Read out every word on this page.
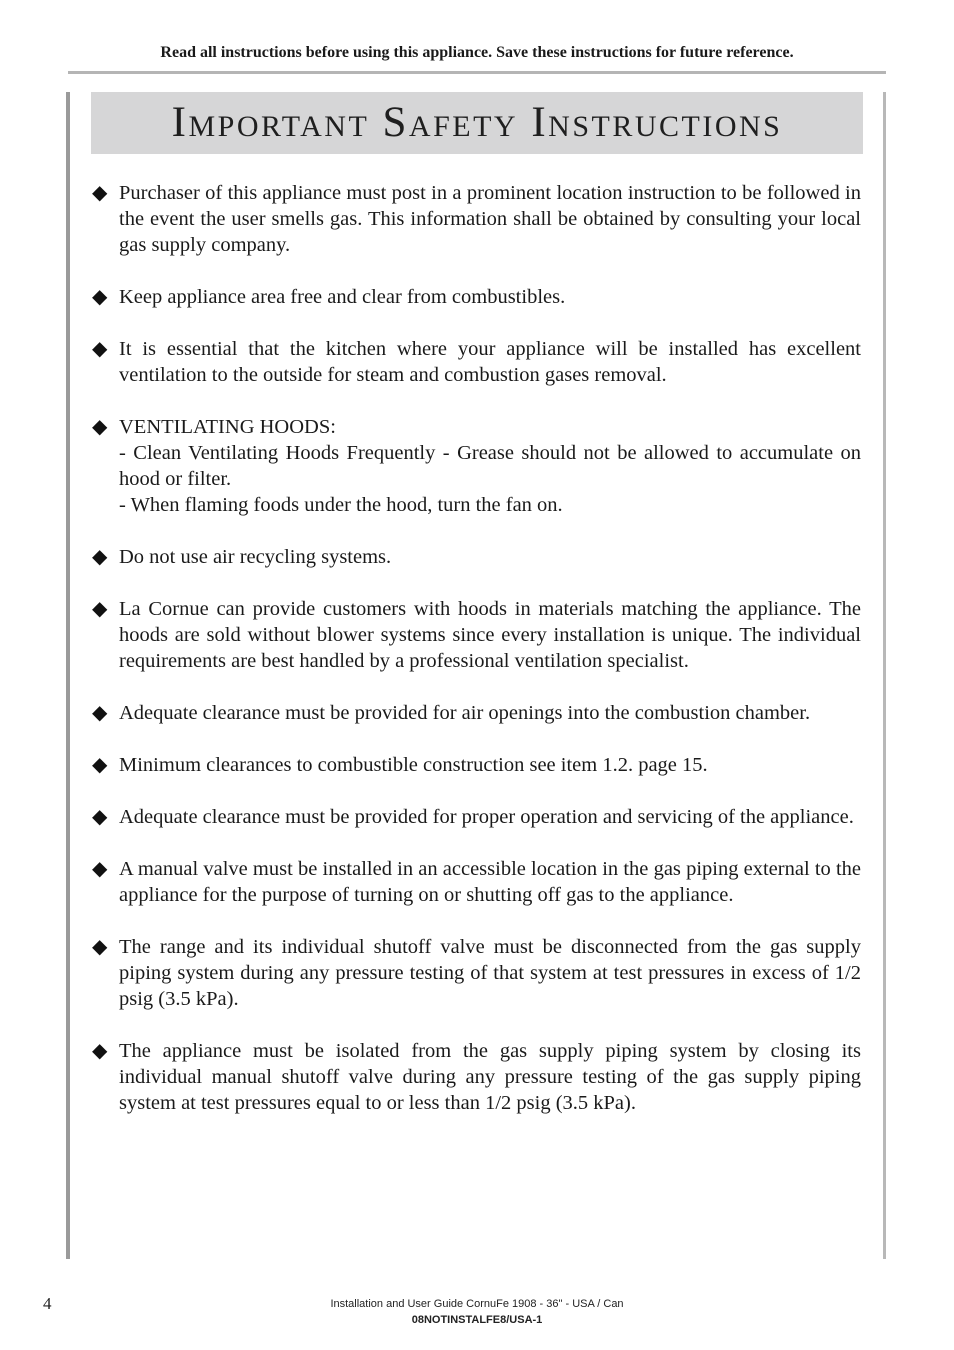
Read all instructions before using this appliance. Save these instructions for future reference.
Important Safety Instructions
◆ Purchaser of this appliance must post in a prominent location instruction to be followed in the event the user smells gas. This information shall be obtained by consulting your local gas supply company.
◆ Keep appliance area free and clear from combustibles.
◆ It is essential that the kitchen where your appliance will be installed has excellent ventilation to the outside for steam and combustion gases removal.
◆ VENTILATING HOODS:
- Clean Ventilating Hoods Frequently - Grease should not be allowed to accumulate on hood or filter.
- When flaming foods under the hood, turn the fan on.
◆ Do not use air recycling systems.
◆ La Cornue can provide customers with hoods in materials matching the appliance. The hoods are sold without blower systems since every installation is unique. The individual requirements are best handled by a professional ventilation specialist.
◆ Adequate clearance must be provided for air openings into the combustion chamber.
◆ Minimum clearances to combustible construction see item 1.2. page 15.
◆ Adequate clearance must be provided for proper operation and servicing of the appliance.
◆ A manual valve must be installed in an accessible location in the gas piping external to the appliance for the purpose of turning on or shutting off gas to the appliance.
◆ The range and its individual shutoff valve must be disconnected from the gas supply piping system during any pressure testing of that system at test pressures in excess of 1/2 psig (3.5 kPa).
◆ The appliance must be isolated from the gas supply piping system by closing its individual manual shutoff valve during any pressure testing of the gas supply piping system at test pressures equal to or less than 1/2 psig (3.5 kPa).
4	Installation and User Guide CornuFe 1908 - 36" - USA / Can
08NOTINSTALFE8/USA-1
